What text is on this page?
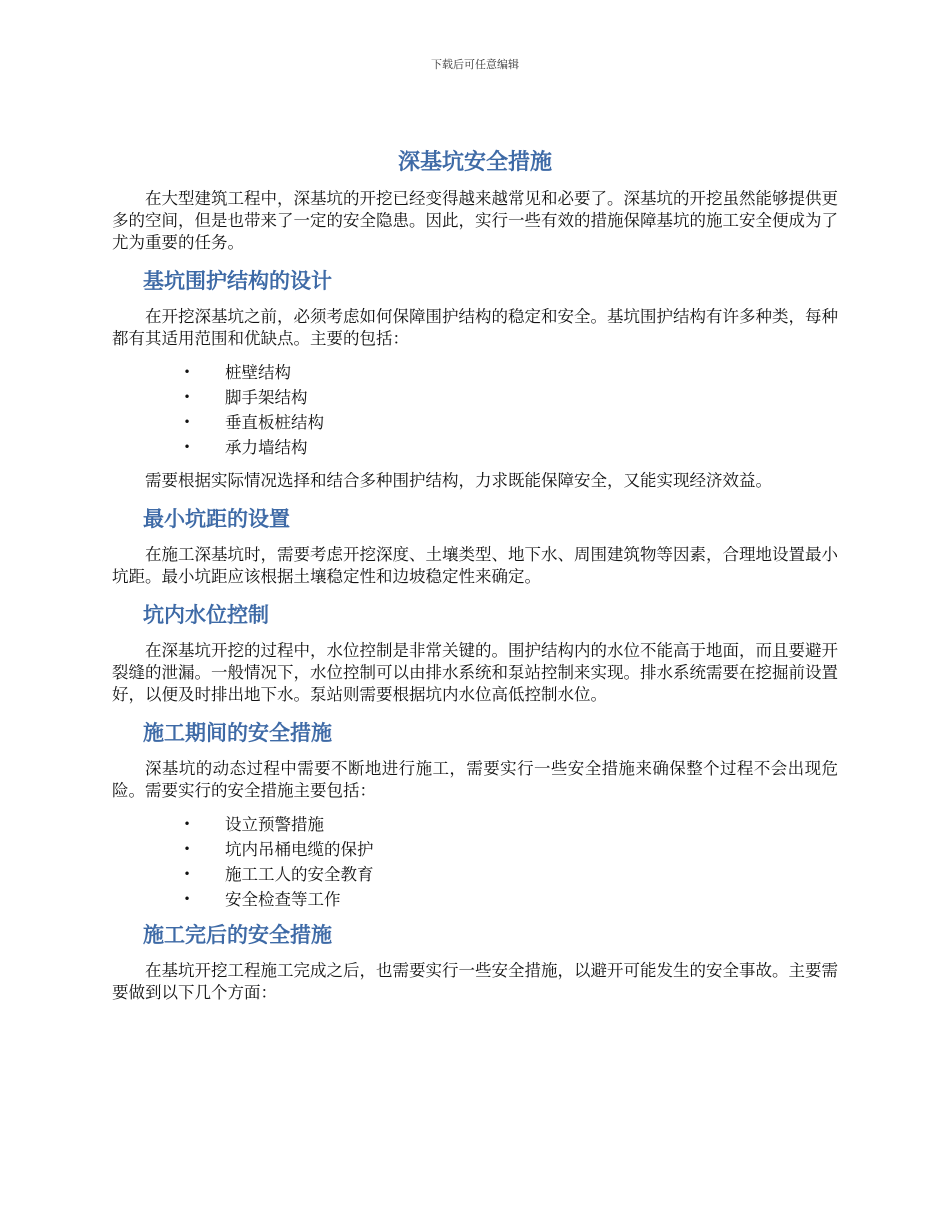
下载后可任意编辑
深基坑安全措施

在大型建筑工程中，深基坑的开挖已经变得越来越常见和必要了。深基坑的开挖虽然能够提供更多的空间，但是也带来了一定的安全隐患。因此，实行一些有效的措施保障基坑的施工安全便成为了尤为重要的任务。

基坑围护结构的设计

在开挖深基坑之前，必须考虑如何保障围护结构的稳定和安全。基坑围护结构有许多种类，每种都有其适用范围和优缺点。主要的包括：

• 桩壁结构
• 脚手架结构
• 垂直板桩结构
• 承力墙结构

需要根据实际情况选择和结合多种围护结构，力求既能保障安全，又能实现经济效益。

最小坑距的设置

在施工深基坑时，需要考虑开挖深度、土壤类型、地下水、周围建筑物等因素，合理地设置最小坑距。最小坑距应该根据土壤稳定性和边坡稳定性来确定。

坑内水位控制

在深基坑开挖的过程中，水位控制是非常关键的。围护结构内的水位不能高于地面，而且要避开裂缝的泄漏。一般情况下，水位控制可以由排水系统和泵站控制来实现。排水系统需要在挖掘前设置好，以便及时排出地下水。泵站则需要根据坑内水位高低控制水位。

施工期间的安全措施

深基坑的动态过程中需要不断地进行施工，需要实行一些安全措施来确保整个过程不会出现危险。需要实行的安全措施主要包括：

• 设立预警措施
• 坑内吊桶电缆的保护
• 施工工人的安全教育
• 安全检查等工作
施工完后的安全措施

在基坑开挖工程施工完成之后，也需要实行一些安全措施，以避开可能发生的安全事故。主要需要做到以下几个方面：
